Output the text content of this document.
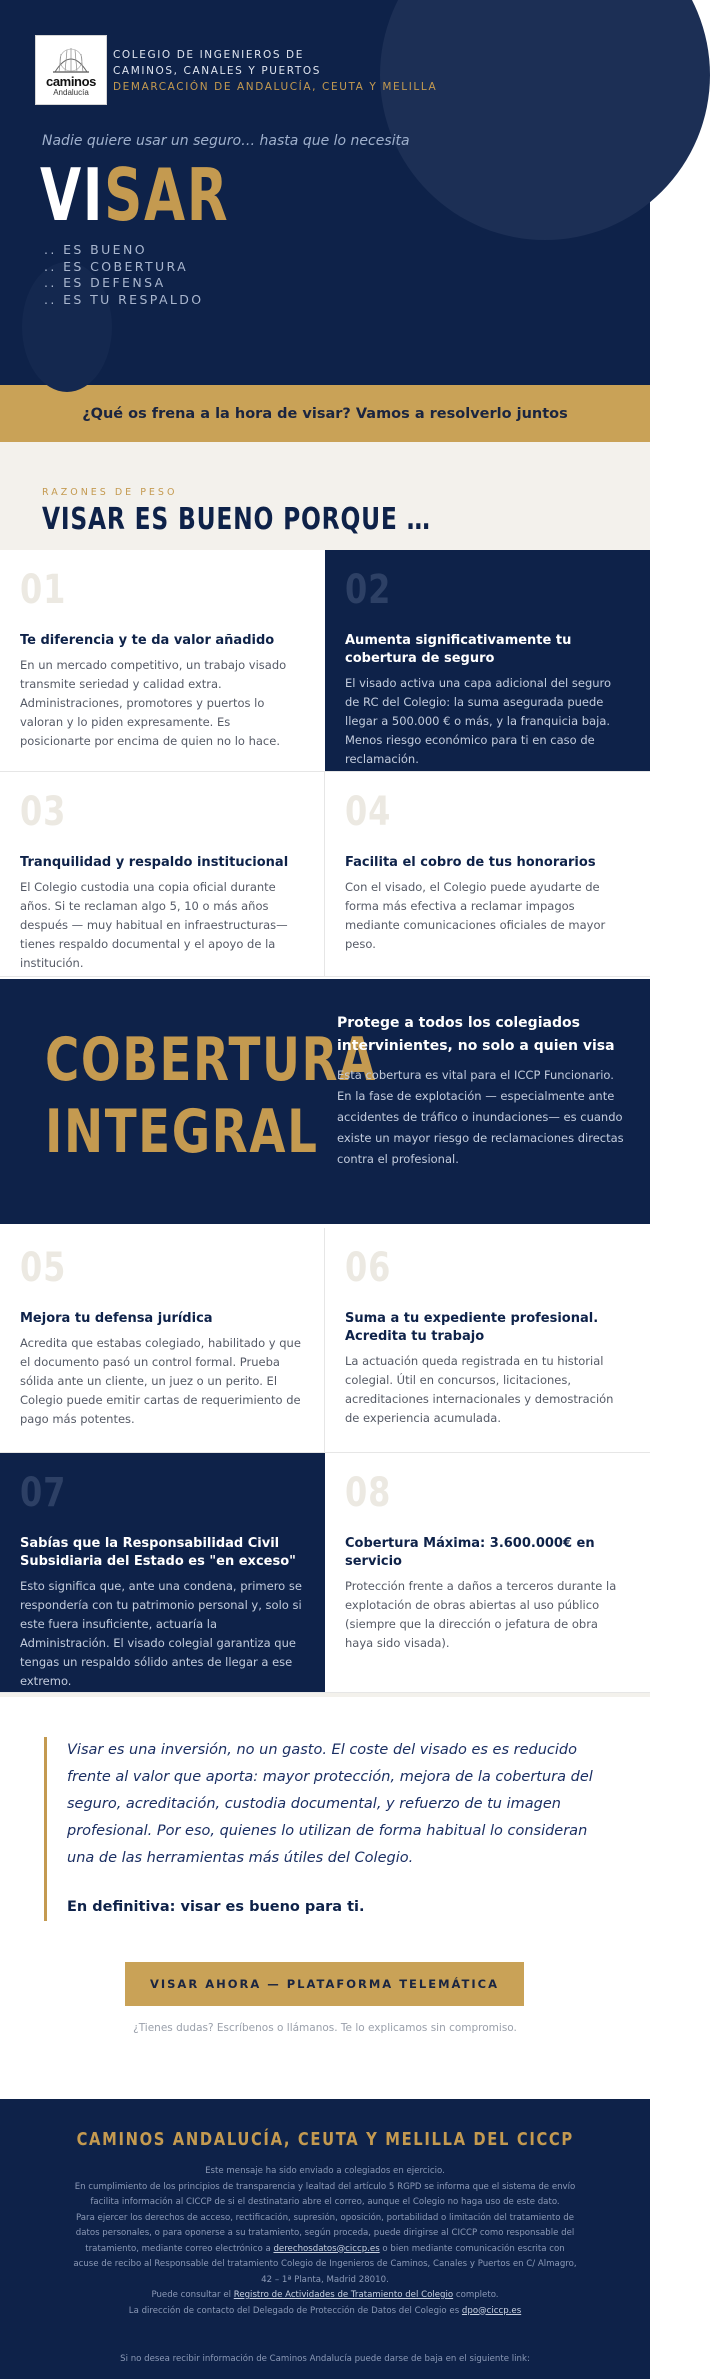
caminos
Andalucía
COLEGIO DE INGENIEROS DE
CAMINOS, CANALES Y PUERTOS
DEMARCACIÓN DE ANDALUCÍA, CEUTA Y MELILLA
Nadie quiere usar un seguro… hasta que lo necesita
VISAR
.. ES BUENO
.. ES COBERTURA
.. ES DEFENSA
.. ES TU RESPALDO
¿Qué os frena a la hora de visar? Vamos a resolverlo juntos
RAZONES DE PESO
VISAR ES BUENO PORQUE …
01
Te diferencia y te da valor añadido

En un mercado competitivo, un trabajo visado transmite seriedad y calidad extra. Administraciones, promotores y puertos lo valoran y lo piden expresamente. Es posicionarte por encima de quien no lo hace.

02
Aumenta significativamente tu cobertura de seguro

El visado activa una capa adicional del seguro de RC del Colegio: la suma asegurada puede llegar a 500.000 € o más, y la franquicia baja. Menos riesgo económico para ti en caso de reclamación.

03
Tranquilidad y respaldo institucional

El Colegio custodia una copia oficial durante años. Si te reclaman algo 5, 10 o más años después — muy habitual en infraestructuras— tienes respaldo documental y el apoyo de la institución.

04
Facilita el cobro de tus honorarios

Con el visado, el Colegio puede ayudarte de forma más efectiva a reclamar impagos mediante comunicaciones oficiales de mayor peso.

COBERTURA
INTEGRAL
Protege a todos los colegiados intervinientes, no solo a quien visa

Esta cobertura es vital para el ICCP Funcionario. En la fase de explotación — especialmente ante accidentes de tráfico o inundaciones— es cuando existe un mayor riesgo de reclamaciones directas contra el profesional.

05
Mejora tu defensa jurídica

Acredita que estabas colegiado, habilitado y que el documento pasó un control formal. Prueba sólida ante un cliente, un juez o un perito. El Colegio puede emitir cartas de requerimiento de pago más potentes.

06
Suma a tu expediente profesional. Acredita tu trabajo

La actuación queda registrada en tu historial colegial. Útil en concursos, licitaciones, acreditaciones internacionales y demostración de experiencia acumulada.

07
Sabías que la Responsabilidad Civil Subsidiaria del Estado es "en exceso"

Esto significa que, ante una condena, primero se respondería con tu patrimonio personal y, solo si este fuera insuficiente, actuaría la Administración. El visado colegial garantiza que tengas un respaldo sólido antes de llegar a ese extremo.

08
Cobertura Máxima: 3.600.000€ en servicio

Protección frente a daños a terceros durante la explotación de obras abiertas al uso público (siempre que la dirección o jefatura de obra haya sido visada).

Visar es una inversión, no un gasto. El coste del visado es es reducido frente al valor que aporta: mayor protección, mejora de la cobertura del seguro, acreditación, custodia documental, y refuerzo de tu imagen profesional. Por eso, quienes lo utilizan de forma habitual lo consideran una de las herramientas más útiles del Colegio.

En definitiva: visar es bueno para ti.

VISAR AHORA — PLATAFORMA TELEMÁTICA
¿Tienes dudas? Escríbenos o llámanos. Te lo explicamos sin compromiso.
CAMINOS ANDALUCÍA, CEUTA Y MELILLA DEL CICCP
Este mensaje ha sido enviado a colegiados en ejercicio.
En cumplimiento de los principios de transparencia y lealtad del artículo 5 RGPD se informa que el sistema de envío
facilita información al CICCP de si el destinatario abre el correo, aunque el Colegio no haga uso de este dato.
Para ejercer los derechos de acceso, rectificación, supresión, oposición, portabilidad o limitación del tratamiento de
datos personales, o para oponerse a su tratamiento, según proceda, puede dirigirse al CICCP como responsable del
tratamiento, mediante correo electrónico a derechosdatos@ciccp.es o bien mediante comunicación escrita con
acuse de recibo al Responsable del tratamiento Colegio de Ingenieros de Caminos, Canales y Puertos en C/ Almagro,
42 – 1ª Planta, Madrid 28010.
Puede consultar el Registro de Actividades de Tratamiento del Colegio completo.
La dirección de contacto del Delegado de Protección de Datos del Colegio es dpo@ciccp.es
Si no desea recibir información de Caminos Andalucía puede darse de baja en el siguiente link:
